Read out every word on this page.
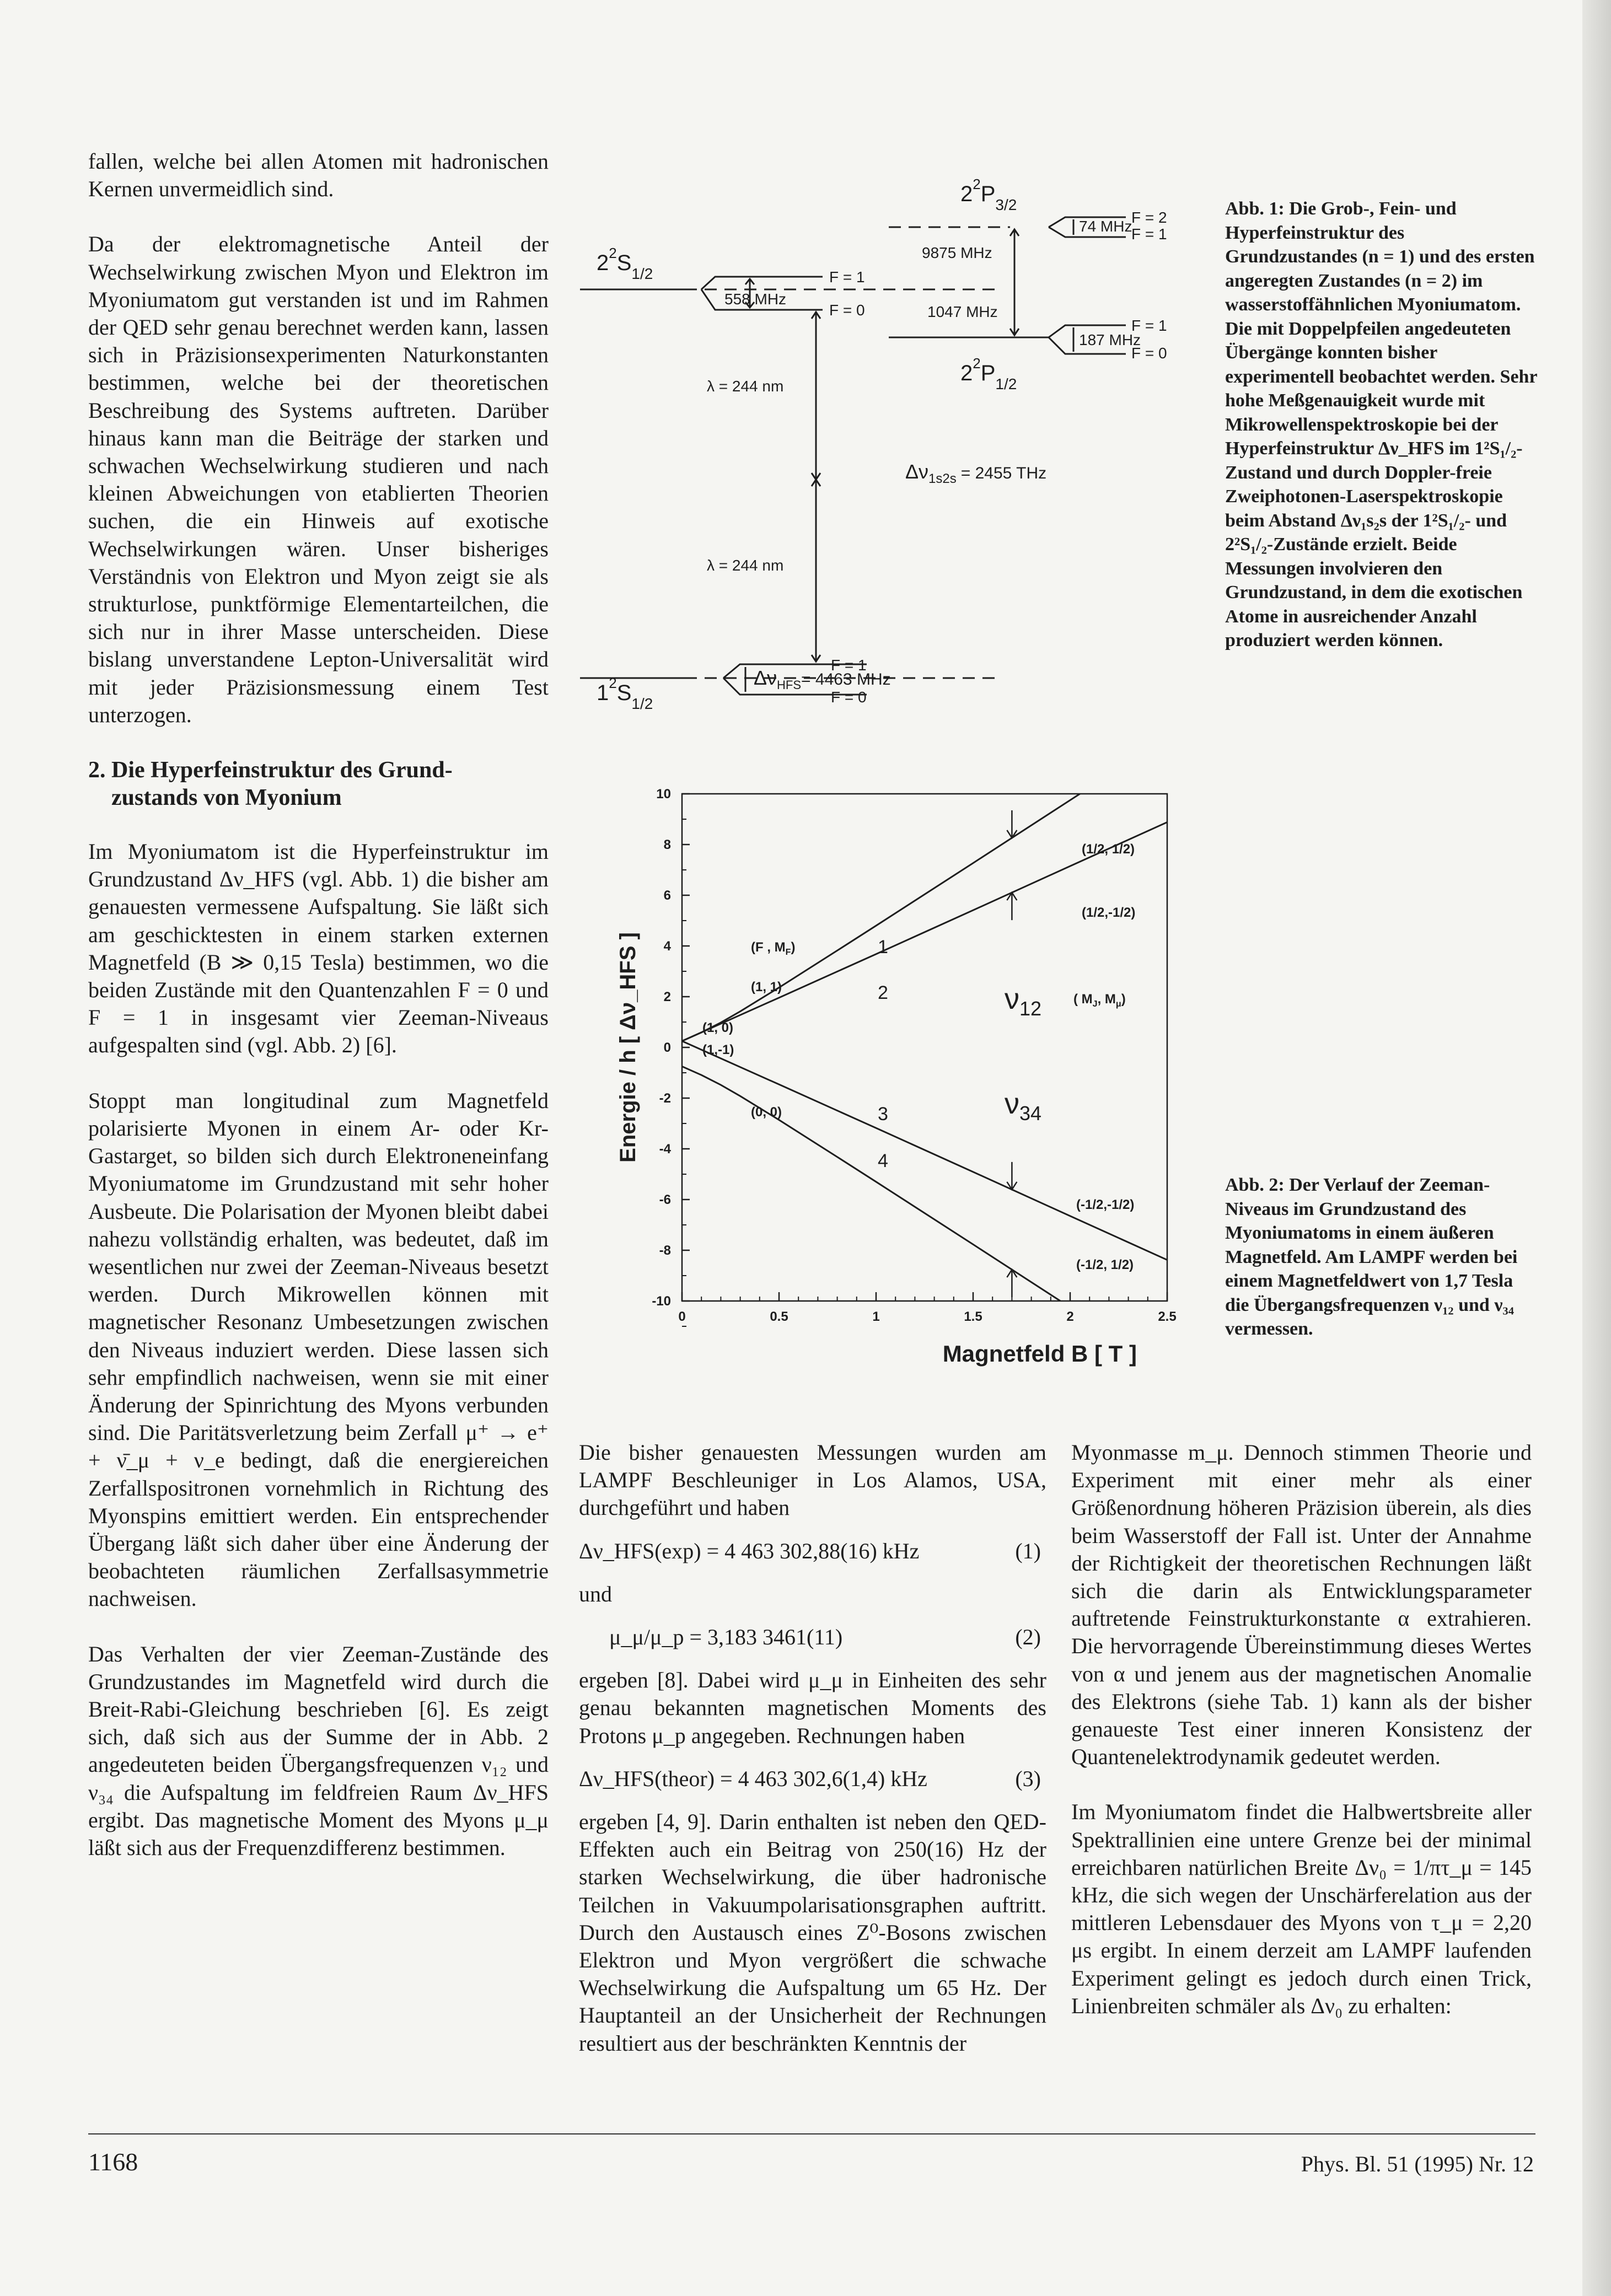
fallen, welche bei allen Atomen mit hadronischen Kernen unvermeidlich sind.

Da der elektromagnetische Anteil der Wechselwirkung zwischen Myon und Elektron im Myoniumatom gut verstanden ist und im Rahmen der QED sehr genau berechnet werden kann, lassen sich in Präzisionsexperimenten Naturkonstanten bestimmen, welche bei der theoretischen Beschreibung des Systems auftreten. Darüber hinaus kann man die Beiträge der starken und schwachen Wechselwirkung studieren und nach kleinen Abweichungen von etablierten Theorien suchen, die ein Hinweis auf exotische Wechselwirkungen wären. Unser bisheriges Verständnis von Elektron und Myon zeigt sie als strukturlose, punktförmige Elementarteilchen, die sich nur in ihrer Masse unterscheiden. Diese bislang unverstandene Lepton-Universalität wird mit jeder Präzisionsmessung einem Test unterzogen.

2. Die Hyperfeinstruktur des Grund-
zustands von Myonium

Im Myoniumatom ist die Hyperfeinstruktur im Grundzustand Δν_HFS (vgl. Abb. 1) die bisher am genauesten vermessene Aufspaltung. Sie läßt sich am geschicktesten in einem starken externen Magnetfeld (B ≫ 0,15 Tesla) bestimmen, wo die beiden Zustände mit den Quantenzahlen F = 0 und F = 1 in insgesamt vier Zeeman-Niveaus aufgespalten sind (vgl. Abb. 2) [6].

Stoppt man longitudinal zum Magnetfeld polarisierte Myonen in einem Ar- oder Kr-Gastarget, so bilden sich durch Elektroneneinfang Myoniumatome im Grundzustand mit sehr hoher Ausbeute. Die Polarisation der Myonen bleibt dabei nahezu vollständig erhalten, was bedeutet, daß im wesentlichen nur zwei der Zeeman-Niveaus besetzt werden. Durch Mikrowellen können mit magnetischer Resonanz Umbesetzungen zwischen den Niveaus induziert werden. Diese lassen sich sehr empfindlich nachweisen, wenn sie mit einer Änderung der Spinrichtung des Myons verbunden sind. Die Paritätsverletzung beim Zerfall μ⁺ → e⁺ + ν̄_μ + ν_e bedingt, daß die energiereichen Zerfallspositronen vornehmlich in Richtung des Myonspins emittiert werden. Ein entsprechender Übergang läßt sich daher über eine Änderung der beobachteten räumlichen Zerfallsasymmetrie nachweisen.

Das Verhalten der vier Zeeman-Zustände des Grundzustandes im Magnetfeld wird durch die Breit-Rabi-Gleichung beschrieben [6]. Es zeigt sich, daß sich aus der Summe der in Abb. 2 angedeuteten beiden Übergangsfrequenzen ν₁₂ und ν₃₄ die Aufspaltung im feldfreien Raum Δν_HFS ergibt. Das magnetische Moment des Myons μ_μ läßt sich aus der Frequenzdifferenz bestimmen.

Die bisher genauesten Messungen wurden am LAMPF Beschleuniger in Los Alamos, USA, durchgeführt und haben

Δν_HFS(exp) = 4 463 302,88(16) kHz	(1)
und
μ_μ/μ_p = 3,183 3461(11)	(2)

ergeben [8]. Dabei wird μ_μ in Einheiten des sehr genau bekannten magnetischen Moments des Protons μ_p angegeben. Rechnungen haben

Δν_HFS(theor) = 4 463 302,6(1,4) kHz	(3)

ergeben [4, 9]. Darin enthalten ist neben den QED-Effekten auch ein Beitrag von 250(16) Hz der starken Wechselwirkung, die über hadronische Teilchen in Vakuumpolarisationsgraphen auftritt. Durch den Austausch eines Z⁰-Bosons zwischen Elektron und Myon vergrößert die schwache Wechselwirkung die Aufspaltung um 65 Hz. Der Hauptanteil an der Unsicherheit der Rechnungen resultiert aus der beschränkten Kenntnis der

Myonmasse m_μ. Dennoch stimmen Theorie und Experiment mit einer mehr als einer Größenordnung höheren Präzision überein, als dies beim Wasserstoff der Fall ist. Unter der Annahme der Richtigkeit der theoretischen Rechnungen läßt sich die darin als Entwicklungsparameter auftretende Feinstrukturkonstante α extrahieren. Die hervorragende Übereinstimmung dieses Wertes von α und jenem aus der magnetischen Anomalie des Elektrons (siehe Tab. 1) kann als der bisher genaueste Test einer inneren Konsistenz der Quantenelektrodynamik gedeutet werden.

Im Myoniumatom findet die Halbwertsbreite aller Spektrallinien eine untere Grenze bei der minimal erreichbaren natürlichen Breite Δν₀ = 1/πτ_μ = 145 kHz, die sich wegen der Unschärferelation aus der mittleren Lebensdauer des Myons von τ_μ = 2,20 μs ergibt. In einem derzeit am LAMPF laufenden Experiment gelingt es jedoch durch einen Trick, Linienbreiten schmäler als Δν₀ zu erhalten:

$2^2S_{1/2}$
$2^2P_{3/2}$
$2^2P_{1/2}$
$1^2S_{1/2}$
F = 1
F = 0
558 MHz
F = 2
F = 1
74 MHz
F = 1
F = 0
187 MHz
9875 MHz
1047 MHz
λ = 244 nm
λ = 244 nm
F = 1
F = 0
$\Delta\nu_{1s2s}$ $^{= 2455 THz}$
$\Delta\nu_{HFS}^{= 4463 MHz}$
Abb. 1: Die Grob-, Fein- und Hyperfeinstruktur des Grundzustandes (n = 1) und des ersten angeregten Zustandes (n = 2) im wasserstoffähnlichen Myoniumatom. Die mit Doppelpfeilen angedeuteten Übergänge konnten bisher experimentell beobachtet werden. Sehr hohe Meßgenauigkeit wurde mit Mikrowellenspektroskopie bei der Hyperfeinstruktur Δν_HFS im 1²S₁/₂-Zustand und durch Doppler-freie Zweiphotonen-Laserspektroskopie beim Abstand Δν₁s₂s der 1²S₁/₂- und 2²S₁/₂-Zustände erzielt. Beide Messungen involvieren den Grundzustand, in dem die exotischen Atome in ausreichender Anzahl produziert werden können.
10
8
6
4
2
0
-2
-4
-6
-8
-10
0	0.5	1	1.5	2	2.5
Energie / h [ Δν_HFS ]
Magnetfeld B [ T ]
(F , $M_F$)
(1, 1)
(1, 0)
(1,-1)
(0, 0)
( $M_J$, $M_\mu$)
(1/2, 1/2)
(1/2,-1/2)
(-1/2,-1/2)
(-1/2, 1/2)
1
2
3
4
$\nu_{12}$
$\nu_{34}$
Abb. 2: Der Verlauf der Zeeman-Niveaus im Grundzustand des Myoniumatoms in einem äußeren Magnetfeld. Am LAMPF werden bei einem Magnetfeldwert von 1,7 Tesla die Übergangsfrequenzen ν₁₂ und ν₃₄ vermessen.
1168	Phys. Bl. 51 (1995) Nr. 12
